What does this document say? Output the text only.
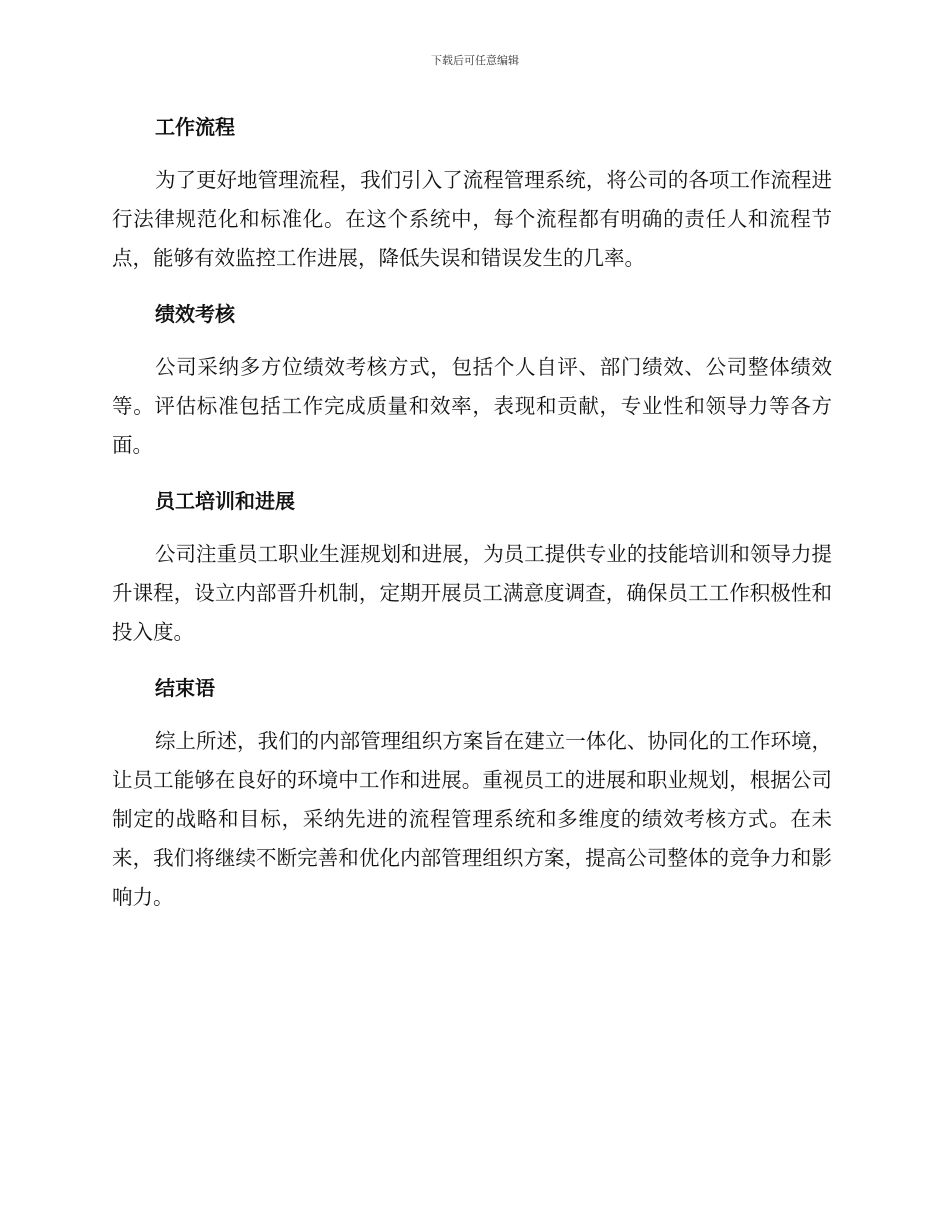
下载后可任意编辑
工作流程

为了更好地管理流程，我们引入了流程管理系统，将公司的各项工作流程进行法律规范化和标准化。在这个系统中，每个流程都有明确的责任人和流程节点，能够有效监控工作进展，降低失误和错误发生的几率。

绩效考核

公司采纳多方位绩效考核方式，包括个人自评、部门绩效、公司整体绩效等。评估标准包括工作完成质量和效率，表现和贡献，专业性和领导力等各方面。

员工培训和进展

公司注重员工职业生涯规划和进展，为员工提供专业的技能培训和领导力提升课程，设立内部晋升机制，定期开展员工满意度调查，确保员工工作积极性和投入度。

结束语

综上所述，我们的内部管理组织方案旨在建立一体化、协同化的工作环境，让员工能够在良好的环境中工作和进展。重视员工的进展和职业规划，根据公司制定的战略和目标，采纳先进的流程管理系统和多维度的绩效考核方式。在未来，我们将继续不断完善和优化内部管理组织方案，提高公司整体的竞争力和影响力。
